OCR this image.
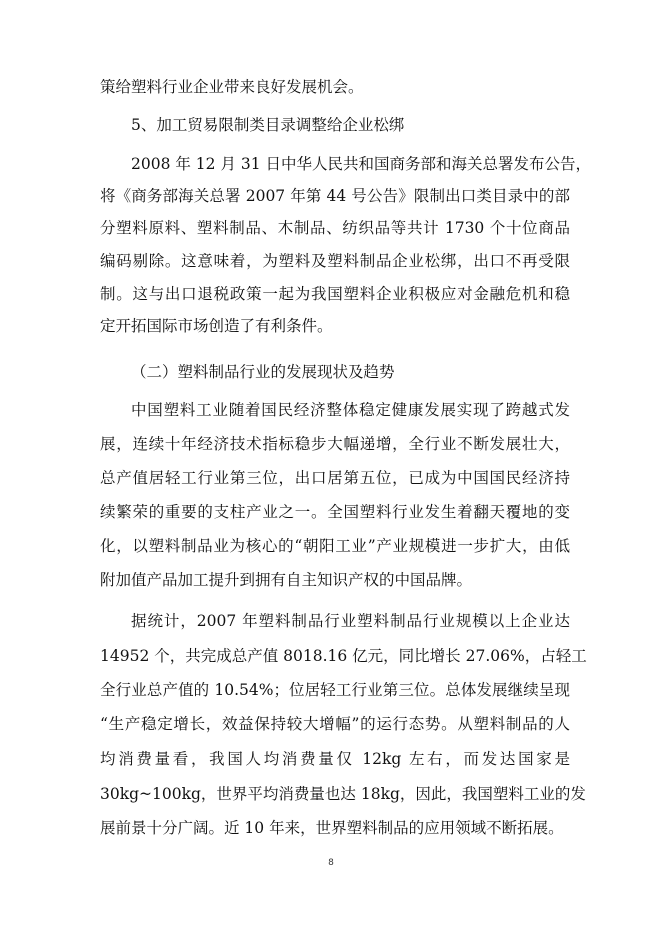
策给塑料行业企业带来良好发展机会。
5、加工贸易限制类目录调整给企业松绑
2008 年 12 月 31 日中华人民共和国商务部和海关总署发布公告，
将《商务部海关总署 2007 年第 44 号公告》限制出口类目录中的部
分塑料原料、塑料制品、木制品、纺织品等共计 1730 个十位商品
编码剔除。这意味着，为塑料及塑料制品企业松绑，出口不再受限
制。这与出口退税政策一起为我国塑料企业积极应对金融危机和稳
定开拓国际市场创造了有利条件。
（二）塑料制品行业的发展现状及趋势
中国塑料工业随着国民经济整体稳定健康发展实现了跨越式发
展，连续十年经济技术指标稳步大幅递增，全行业不断发展壮大，
总产值居轻工行业第三位，出口居第五位，已成为中国国民经济持
续繁荣的重要的支柱产业之一。全国塑料行业发生着翻天覆地的变
化，以塑料制品业为核心的“朝阳工业”产业规模进一步扩大，由低
附加值产品加工提升到拥有自主知识产权的中国品牌。
据统计，2007 年塑料制品行业塑料制品行业规模以上企业达
14952 个，共完成总产值 8018.16 亿元，同比增长 27.06%，占轻工
全行业总产值的 10.54%；位居轻工行业第三位。总体发展继续呈现
“生产稳定增长，效益保持较大增幅”的运行态势。从塑料制品的人
均消费量看，我国人均消费量仅 12kg 左右，而发达国家是
30kg~100kg，世界平均消费量也达 18kg，因此，我国塑料工业的发
展前景十分广阔。近 10 年来，世界塑料制品的应用领域不断拓展。
8
